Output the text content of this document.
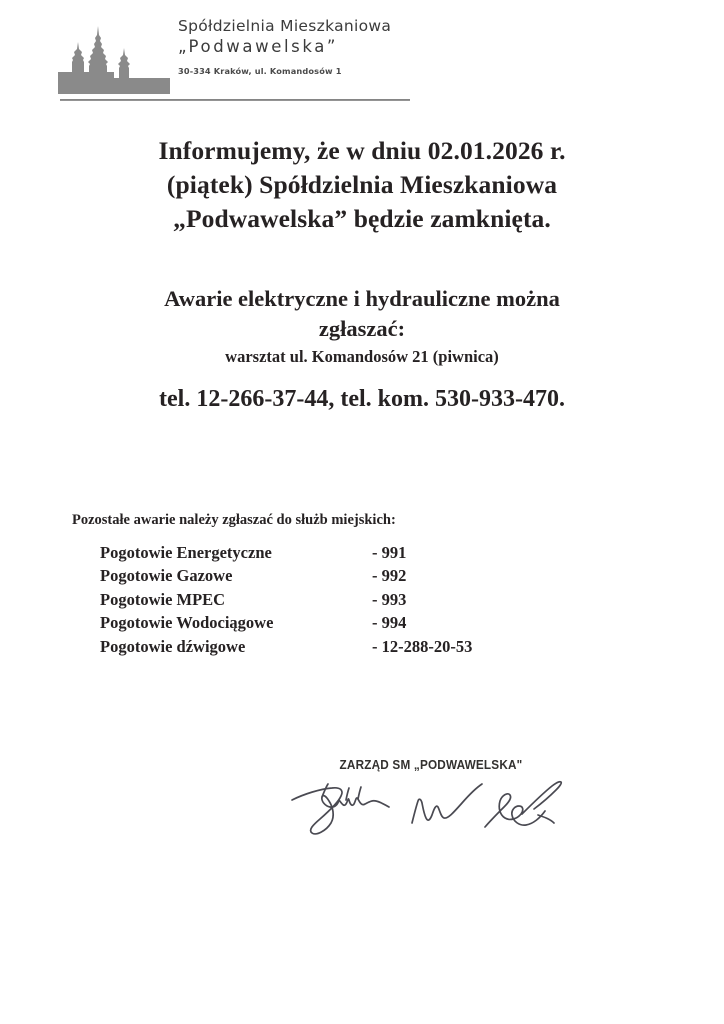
Spółdzielnia Mieszkaniowa
„Podwawelska”
30-334 Kraków, ul. Komandosów 1
Informujemy, że w dniu 02.01.2026 r.
(piątek) Spółdzielnia Mieszkaniowa
„Podwawelska” będzie zamknięta.
Awarie elektryczne i hydrauliczne można
zgłaszać:
warsztat ul. Komandosów 21 (piwnica)
tel. 12-266-37-44, tel. kom. 530-933-470.
Pozostałe awarie należy zgłaszać do służb miejskich:
Pogotowie Energetyczne	- 991
Pogotowie Gazowe	- 992
Pogotowie MPEC	- 993
Pogotowie Wodociągowe	- 994
Pogotowie dźwigowe	- 12-288-20-53
ZARZĄD SM „PODWAWELSKA"
